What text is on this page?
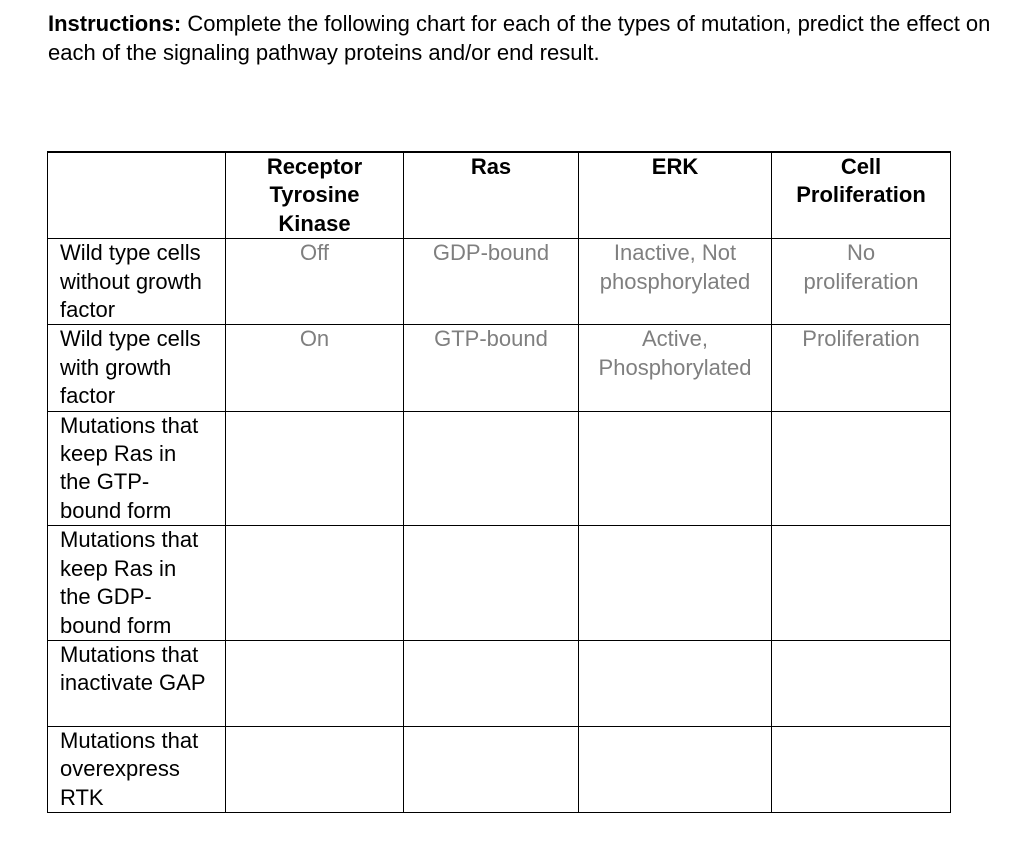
Instructions: Complete the following chart for each of the types of mutation, predict the effect on each of the signaling pathway proteins and/or end result.

	Receptor Tyrosine Kinase	Ras	ERK	Cell Proliferation

Wild type cells without growth factor	Off	GDP-bound	Inactive, Not phosphorylated	No proliferation

Wild type cells with growth factor	On	GTP-bound	Active, Phosphorylated	Proliferation

Mutations that keep Ras in the GTP-bound form				

Mutations that keep Ras in the GDP-bound form				

Mutations that inactivate GAP				

Mutations that overexpress RTK				
